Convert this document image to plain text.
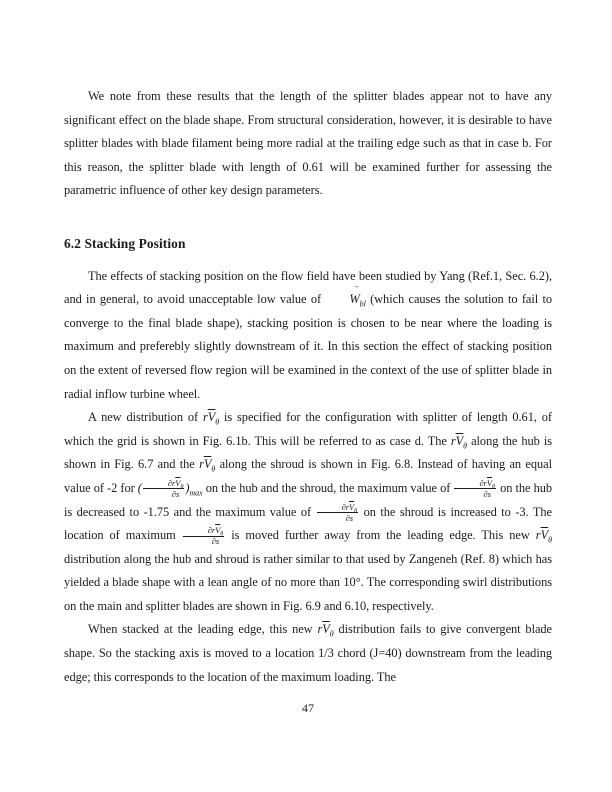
We note from these results that the length of the splitter blades appear not to have any significant effect on the blade shape. From structural consideration, however, it is desirable to have splitter blades with blade filament being more radial at the trailing edge such as that in case b. For this reason, the splitter blade with length of 0.61 will be examined further for assessing the parametric influence of other key design parameters.
6.2 Stacking Position
The effects of stacking position on the flow field have been studied by Yang (Ref.1, Sec. 6.2), and in general, to avoid unacceptable low value of W
→
$_{bl}$ (which causes the solution to fail to converge to the final blade shape), stacking position is chosen to be near where the loading is maximum and preferebly slightly downstream of it. In this section the effect of stacking position on the extent of reversed flow region will be examined in the context of the use of splitter blade in radial inflow turbine wheel.
A new distribution of $r\overline{V}_\theta$ is specified for the configuration with splitter of length 0.61, of which the grid is shown in Fig. 6.1b. This will be referred to as case d. The $r\overline{V}_\theta$ along the hub is shown in Fig. 6.7 and the $r\overline{V}_\theta$ along the shroud is shown in Fig. 6.8. Instead of having an equal value of -2 for ( $\frac{\partial r\overline{V}_\theta}{\partial s} )_{max}$ on the hub and the shroud, the maximum value of $\frac{\partial r\overline{V}_\theta}{\partial s}$ on the hub is decreased to -1.75 and the maximum value of $\frac{\partial r\overline{V}_\theta}{\partial s}$ on the shroud is increased to -3. The location of maximum $\frac{\partial r\overline{V}_\theta}{\partial s}$ is moved further away from the leading edge. This new $r\overline{V}_\theta$ distribution along the hub and shroud is rather similar to that used by Zangeneh (Ref. 8) which has yielded a blade shape with a lean angle of no more than 10°. The corresponding swirl distributions on the main and splitter blades are shown in Fig. 6.9 and 6.10, respectively.
When stacked at the leading edge, this new $r\overline{V}_\theta$ distribution fails to give convergent blade shape. So the stacking axis is moved to a location 1/3 chord (J=40) downstream from the leading edge; this corresponds to the location of the maximum loading. The
47
